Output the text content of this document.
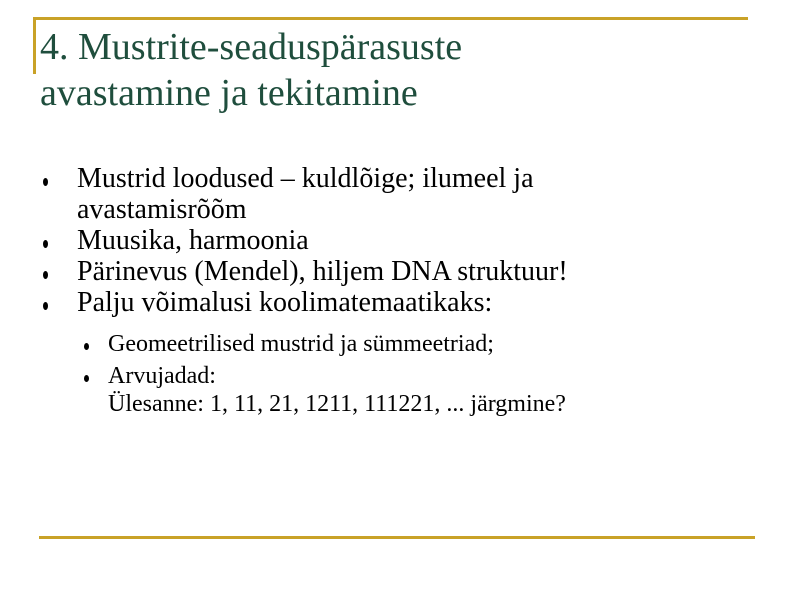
4. Mustrite-seaduspärasuste
avastamine ja tekitamine
Mustrid loodused – kuldlõige; ilumeel ja
avastamisrõõm
Muusika, harmoonia
Pärinevus (Mendel), hiljem DNA struktuur!
Palju võimalusi koolimatemaatikaks:
Geomeetrilised mustrid ja sümmeetriad;
Arvujadad:
Ülesanne: 1, 11, 21, 1211, 111221, ... järgmine?
